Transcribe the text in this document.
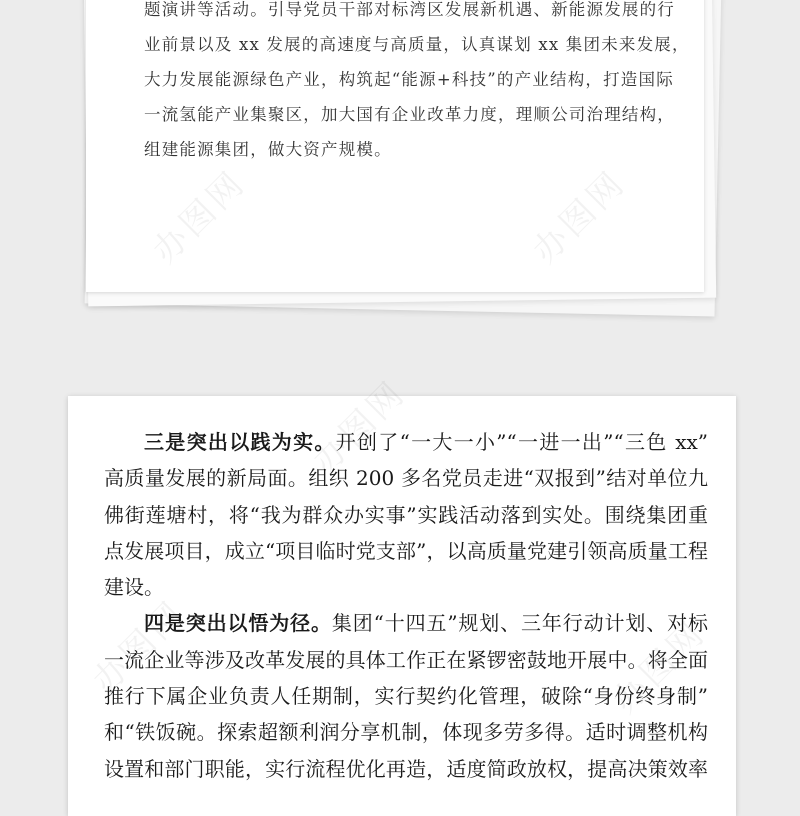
题演讲等活动。引导党员干部对标湾区发展新机遇、新能源发展的行

业前景以及 xx 发展的高速度与高质量，认真谋划 xx 集团未来发展，

大力发展能源绿色产业，构筑起“能源+科技”的产业结构，打造国际

一流氢能产业集聚区，加大国有企业改革力度，理顺公司治理结构，

组建能源集团，做大资产规模。

三是突出以践为实。开创了“一大一小”“一进一出”“三色 xx”
高质量发展的新局面。组织 200 多名党员走进“双报到”结对单位九
佛街莲塘村，将“我为群众办实事”实践活动落到实处。围绕集团重
点发展项目，成立“项目临时党支部”，以高质量党建引领高质量工程
建设。
四是突出以悟为径。集团“十四五”规划、三年行动计划、对标
一流企业等涉及改革发展的具体工作正在紧锣密鼓地开展中。将全面
推行下属企业负责人任期制，实行契约化管理，破除“身份终身制”
和“铁饭碗。探索超额利润分享机制，体现多劳多得。适时调整机构
设置和部门职能，实行流程优化再造，适度简政放权，提高决策效率
